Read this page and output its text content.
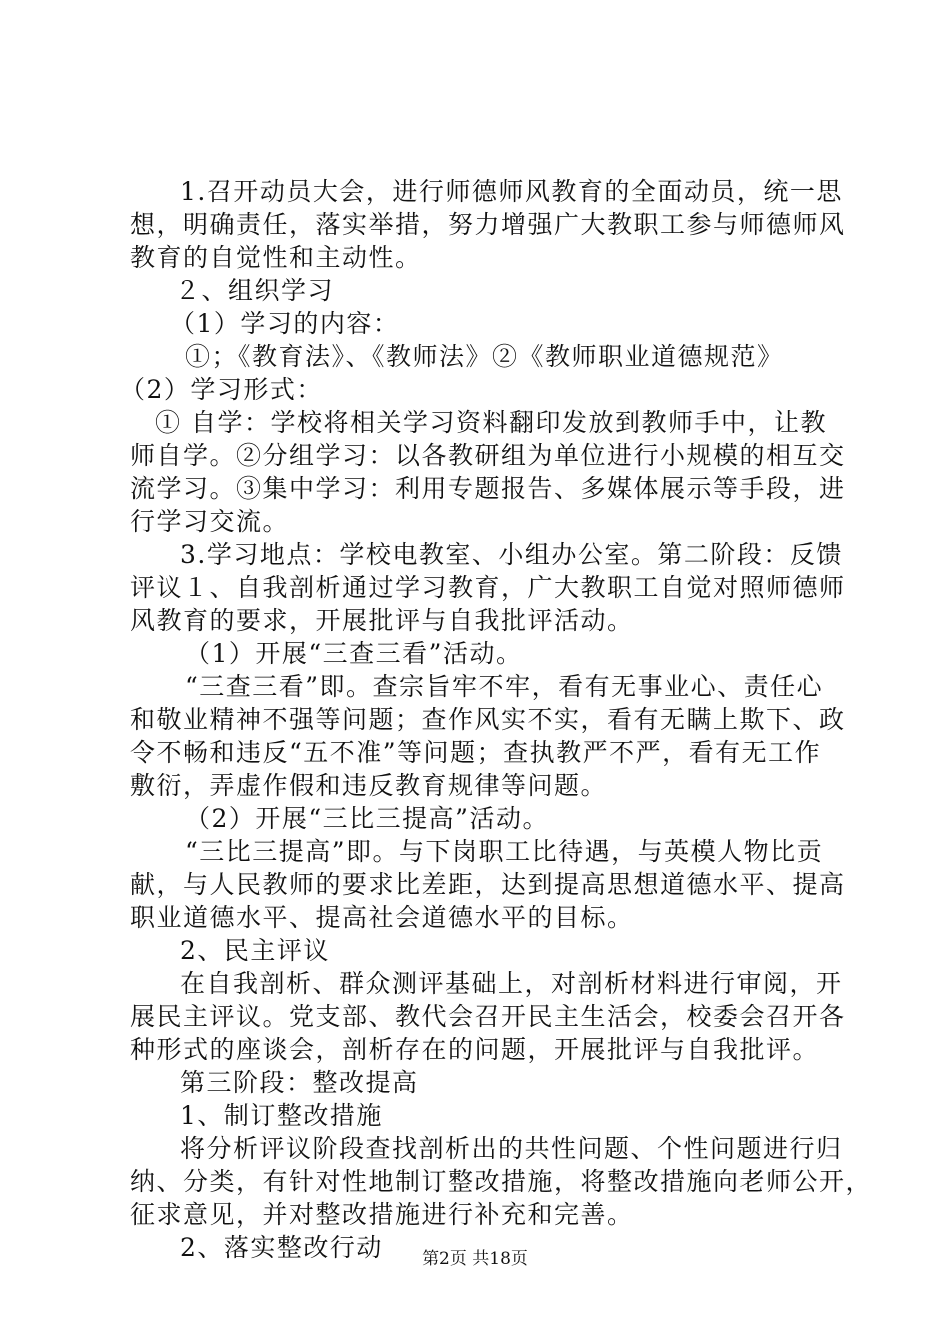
1.召开动员大会，进行师德师风教育的全面动员，统一思
想，明确责任，落实举措，努力增强广大教职工参与师德师风
教育的自觉性和主动性。
２、组织学习
（1）学习的内容：
①；《教育法》、《教师法》②《教师职业道德规范》
（2）学习形式：
① 自学：学校将相关学习资料翻印发放到教师手中，让教
师自学。②分组学习：以各教研组为单位进行小规模的相互交
流学习。③集中学习：利用专题报告、多媒体展示等手段，进
行学习交流。
3.学习地点：学校电教室、小组办公室。第二阶段：反馈
评议１、自我剖析通过学习教育，广大教职工自觉对照师德师
风教育的要求，开展批评与自我批评活动。
（1）开展“三查三看”活动。
“三查三看”即。查宗旨牢不牢，看有无事业心、责任心
和敬业精神不强等问题；查作风实不实，看有无瞒上欺下、政
令不畅和违反“五不准”等问题；查执教严不严，看有无工作
敷衍，弄虚作假和违反教育规律等问题。
（2）开展“三比三提高”活动。
“三比三提高”即。与下岗职工比待遇，与英模人物比贡
献，与人民教师的要求比差距，达到提高思想道德水平、提高
职业道德水平、提高社会道德水平的目标。
2、民主评议
在自我剖析、群众测评基础上，对剖析材料进行审阅，开
展民主评议。党支部、教代会召开民主生活会，校委会召开各
种形式的座谈会，剖析存在的问题，开展批评与自我批评。
第三阶段：整改提高
1、制订整改措施
将分析评议阶段查找剖析出的共性问题、个性问题进行归
纳、分类，有针对性地制订整改措施，将整改措施向老师公开，
征求意见，并对整改措施进行补充和完善。
2、落实整改行动	第2页 共18页
